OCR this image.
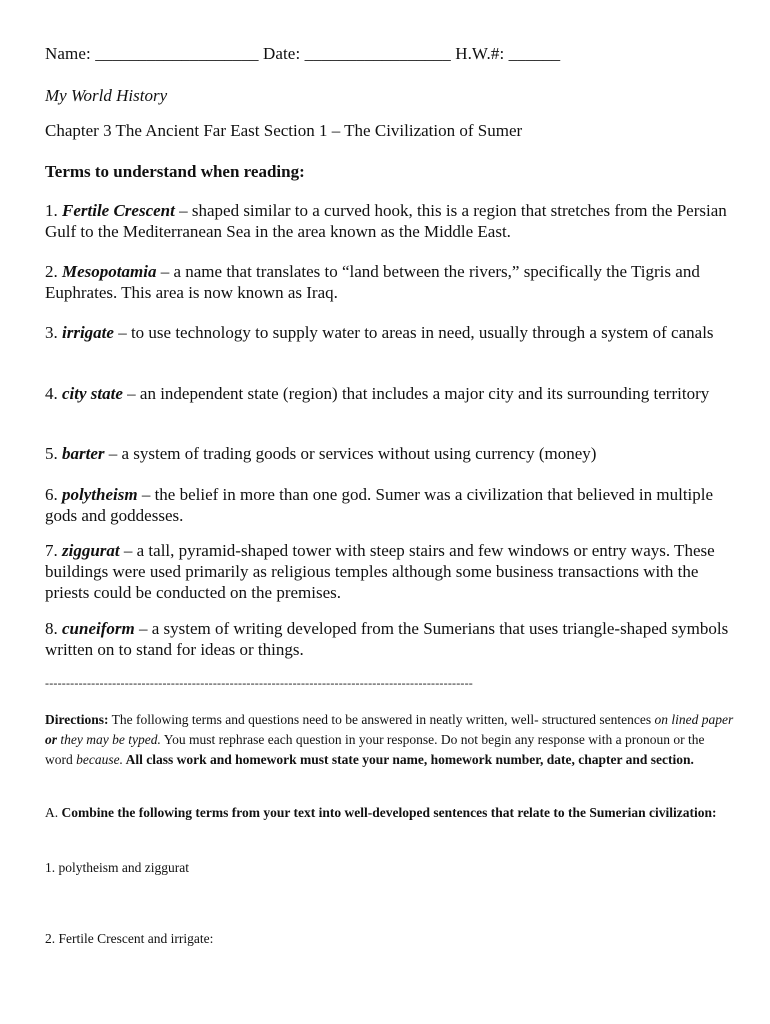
Name: ___________________ Date: _________________ H.W.#: ______
My World History
Chapter 3 The Ancient Far East Section 1 – The Civilization of Sumer
Terms to understand when reading:
1. Fertile Crescent – shaped similar to a curved hook, this is a region that stretches from the Persian Gulf to the Mediterranean Sea in the area known as the Middle East.
2. Mesopotamia – a name that translates to “land between the rivers,” specifically the Tigris and Euphrates. This area is now known as Iraq.
3. irrigate – to use technology to supply water to areas in need, usually through a system of canals
4. city state – an independent state (region) that includes a major city and its surrounding territory
5. barter – a system of trading goods or services without using currency (money)
6. polytheism – the belief in more than one god. Sumer was a civilization that believed in multiple gods and goddesses.
7. ziggurat – a tall, pyramid-shaped tower with steep stairs and few windows or entry ways. These buildings were used primarily as religious temples although some business transactions with the priests could be conducted on the premises.
8. cuneiform – a system of writing developed from the Sumerians that uses triangle-shaped symbols written on to stand for ideas or things.
------------------------------------------------------------------------------------------------------
Directions: The following terms and questions need to be answered in neatly written, well- structured sentences on lined paper or they may be typed. You must rephrase each question in your response. Do not begin any response with a pronoun or the word because. All class work and homework must state your name, homework number, date, chapter and section.
A. Combine the following terms from your text into well-developed sentences that relate to the Sumerian civilization:
1. polytheism and ziggurat
2. Fertile Crescent and irrigate:
